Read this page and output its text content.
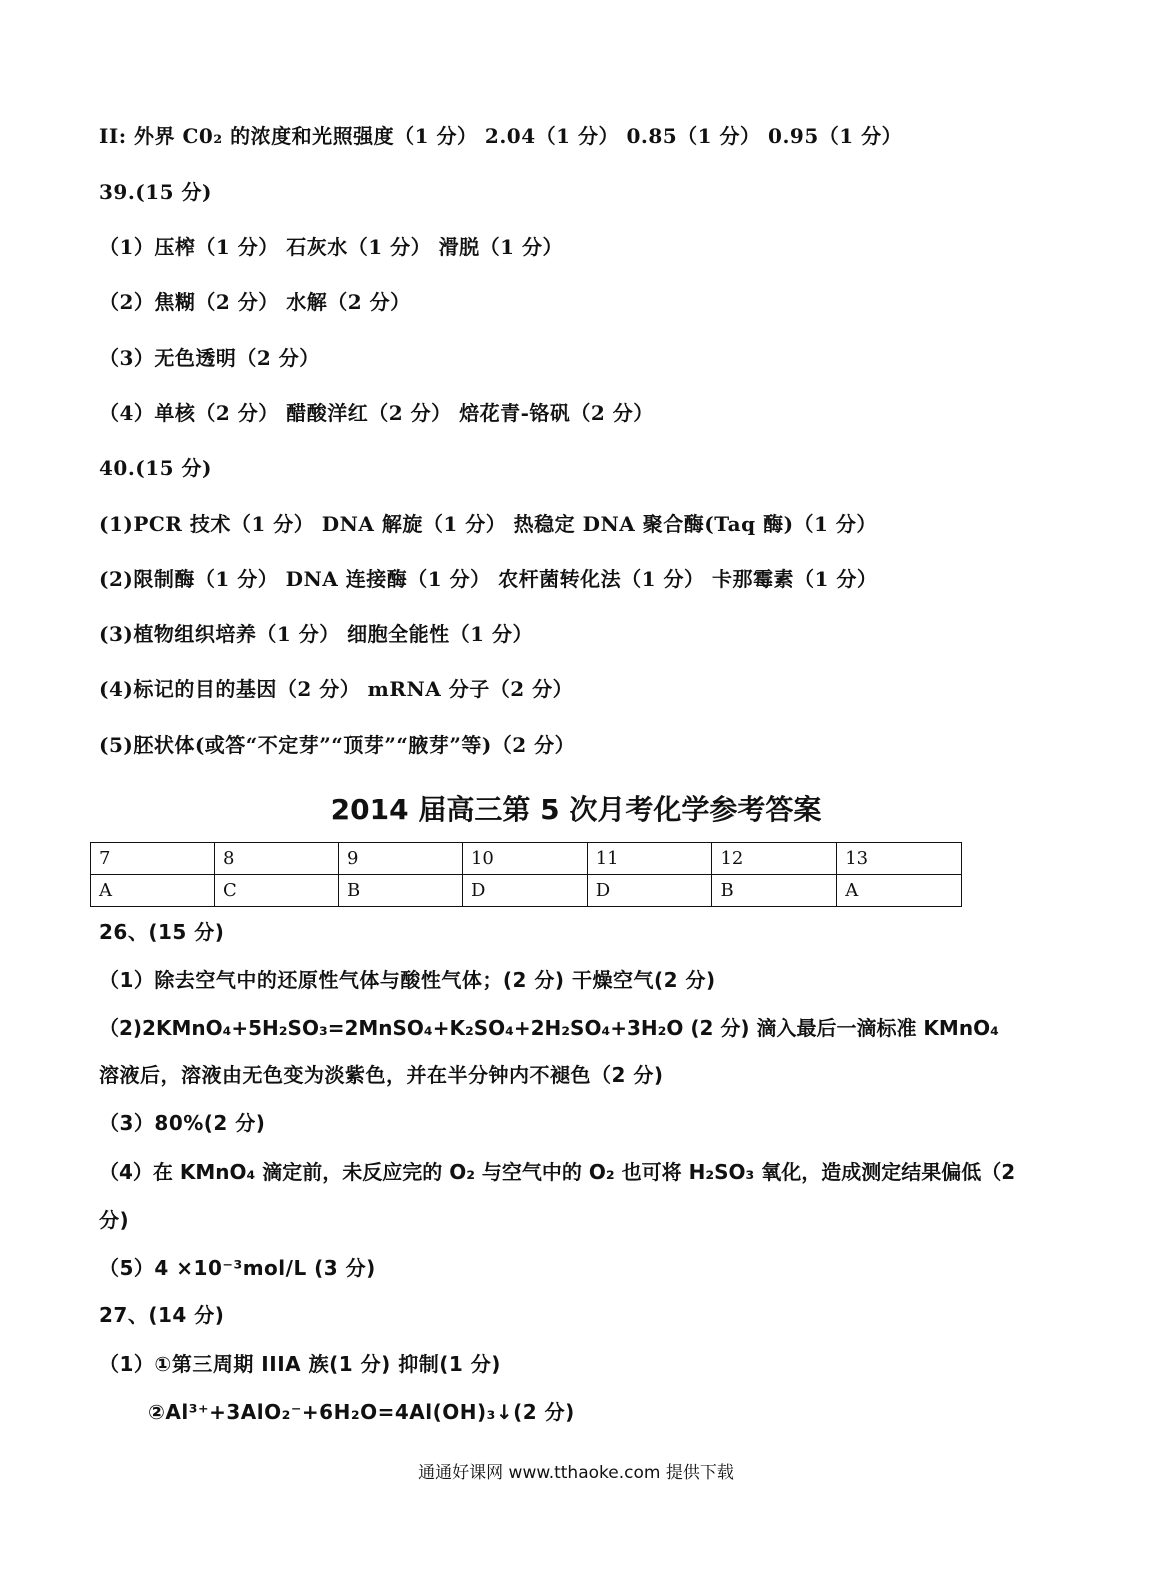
II: 外界 C0₂ 的浓度和光照强度（1 分） 2.04（1 分） 0.85（1 分） 0.95（1 分）
39.(15 分)
（1）压榨（1 分） 石灰水（1 分） 滑脱（1 分）
（2）焦糊（2 分） 水解（2 分）
（3）无色透明（2 分）
（4）单核（2 分） 醋酸洋红（2 分） 焙花青-铬矾（2 分）
40.(15 分)
(1)PCR 技术（1 分） DNA 解旋（1 分） 热稳定 DNA 聚合酶(Taq 酶)（1 分）
(2)限制酶（1 分） DNA 连接酶（1 分） 农杆菌转化法（1 分） 卡那霉素（1 分）
(3)植物组织培养（1 分） 细胞全能性（1 分）
(4)标记的目的基因（2 分） mRNA 分子（2 分）
(5)胚状体(或答“不定芽”“顶芽”“腋芽”等)（2 分）
2014 届高三第 5 次月考化学参考答案
7	8	9	10	11	12	13
A	C	B	D	D	B	A
26、(15 分)
（1）除去空气中的还原性气体与酸性气体；(2 分) 干燥空气(2 分)
（2)2KMnO₄+5H₂SO₃=2MnSO₄+K₂SO₄+2H₂SO₄+3H₂O (2 分) 滴入最后一滴标准 KMnO₄
溶液后，溶液由无色变为淡紫色，并在半分钟内不褪色（2 分)
（3）80%(2 分)
（4）在 KMnO₄ 滴定前，未反应完的 O₂ 与空气中的 O₂ 也可将 H₂SO₃ 氧化，造成测定结果偏低（2
分)
（5）4 ×10⁻³mol/L (3 分)
27、(14 分)
（1）①第三周期 IIIA 族(1 分) 抑制(1 分)
②Al³⁺+3AlO₂⁻+6H₂O=4Al(OH)₃↓(2 分)
通通好课网 www.tthaoke.com 提供下载
